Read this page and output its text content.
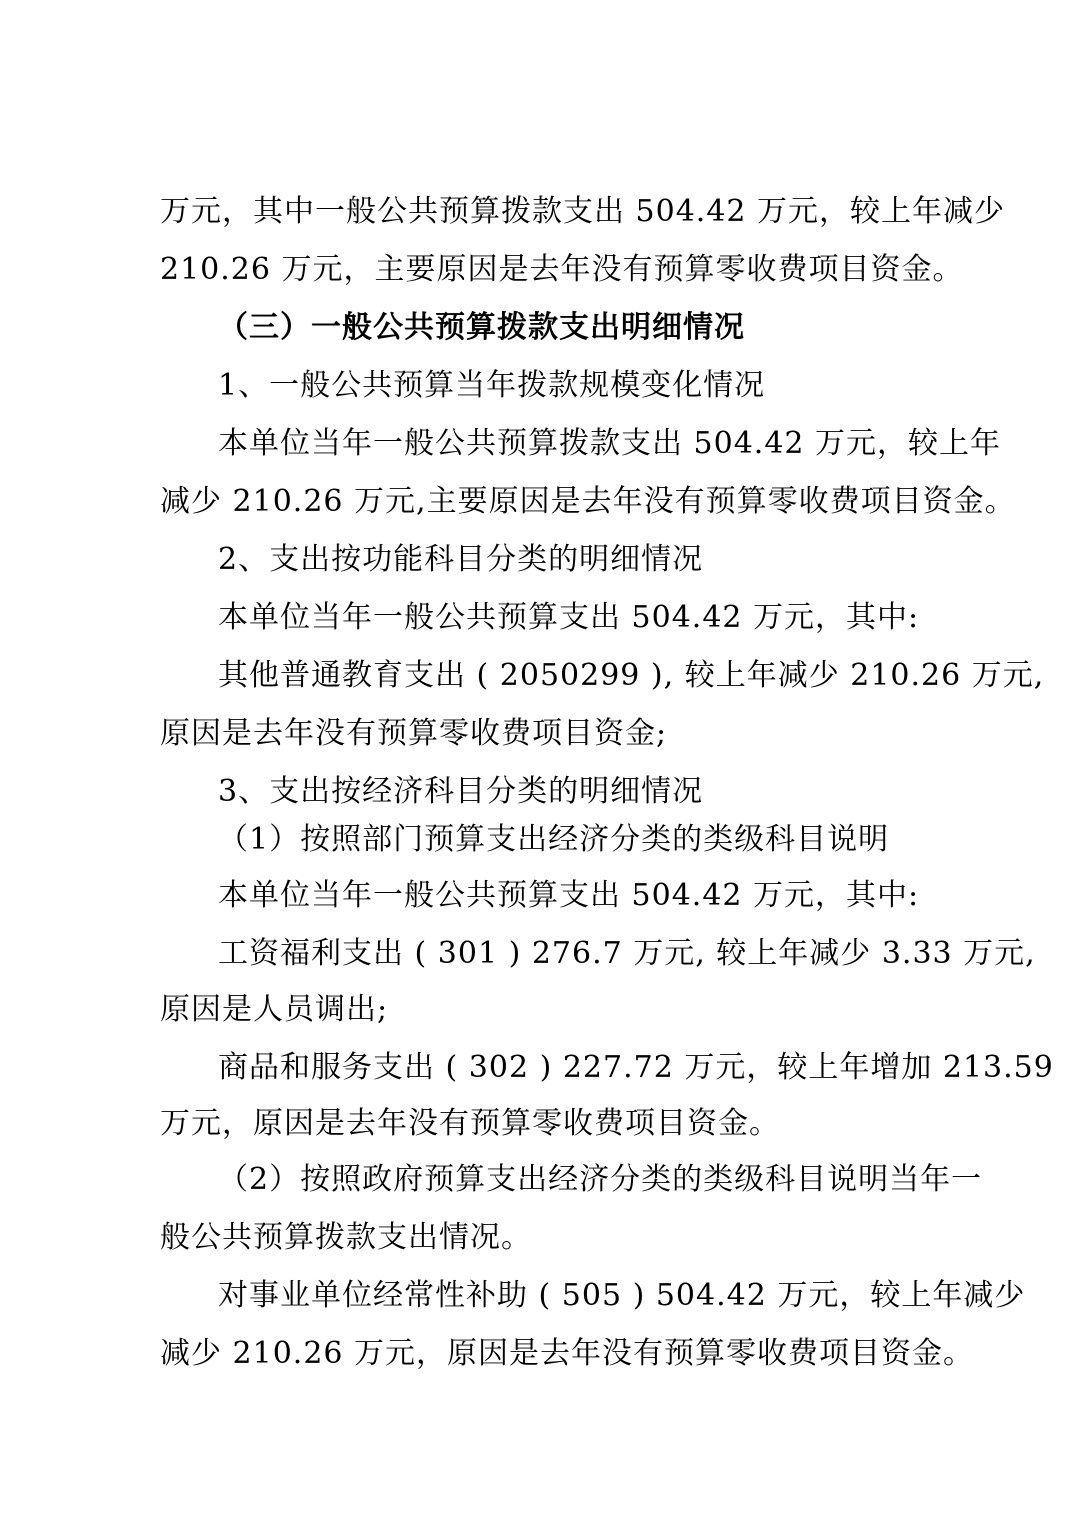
万元，其中一般公共预算拨款支出 504.42 万元，较上年减少
210.26 万元，主要原因是去年没有预算零收费项目资金。
（三）一般公共预算拨款支出明细情况
1、一般公共预算当年拨款规模变化情况
本单位当年一般公共预算拨款支出 504.42 万元，较上年
减少 210.26 万元,主要原因是去年没有预算零收费项目资金。
2、支出按功能科目分类的明细情况
本单位当年一般公共预算支出 504.42 万元，其中:
其他普通教育支出 ( 2050299 ), 较上年减少 210.26 万元,
原因是去年没有预算零收费项目资金;
3、支出按经济科目分类的明细情况
（1）按照部门预算支出经济分类的类级科目说明
本单位当年一般公共预算支出 504.42 万元，其中:
工资福利支出 ( 301 ) 276.7 万元, 较上年减少 3.33 万元,
原因是人员调出;
商品和服务支出 ( 302 ) 227.72 万元，较上年增加 213.59
万元，原因是去年没有预算零收费项目资金。
（2）按照政府预算支出经济分类的类级科目说明当年一
般公共预算拨款支出情况。
对事业单位经常性补助 ( 505 ) 504.42 万元，较上年减少
减少 210.26 万元，原因是去年没有预算零收费项目资金。
